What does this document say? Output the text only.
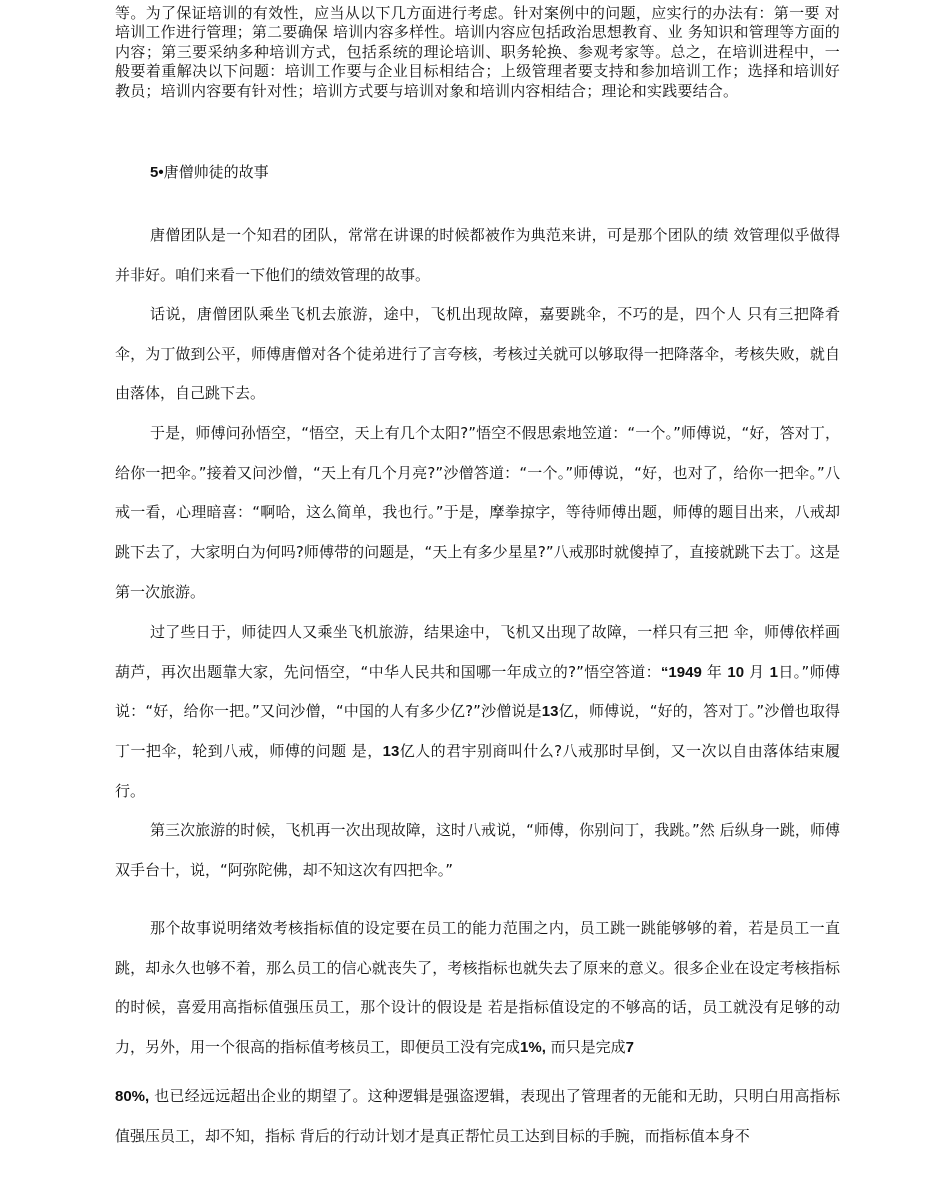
等。为了保证培训的有效性，应当从以下几方面进行考虑。针对案例中的问题，应实行的办法有：第一要 对培训工作进行管理；第二要确保 培训内容多样性。培训内容应包括政治思想教育、业 务知识和管理等方面的内容；第三要采纳多种培训方式，包括系统的理论培训、职务轮换、参观考家等。总之，在培训进程中，一般要着重解决以下问题：培训工作要与企业目标相结合；上级管理者要支持和参加培训工作；选择和培训好教员；培训内容要有针对性；培训方式要与培训对象和培训内容相结合；理论和实践要结合。
5•唐僧帅徒的故事
唐僧团队是一个知君的团队，常常在讲课的时候都被作为典范来讲，可是那个团队的绩 效管理似乎做得并非好。咱们来看一下他们的绩效管理的故事。
话说，唐僧团队乘坐飞机去旅游，途中，飞机出现故障，嘉要跳伞，不巧的是，四个人 只有三把降肴伞，为丁做到公平，师傅唐僧对各个徒弟进行了言夸核，考核过关就可以够取得一把降落伞，考核失败，就自由落体，自己跳下去。
于是，师傅问孙悟空，“悟空，天上有几个太阳?”悟空不假思索地笠道：“一个。”师傅说，“好，答对丁，给你一把伞。”接着又问沙僧，“天上有几个月亮?”沙僧答道：“一个。”师傅说，“好，也对了，给你一把伞。”八戒一看，心理暗喜：“啊哈，这么简单，我也行。”于是，摩拳掠字，等待师傅出题，师傅的题目出来，八戒却跳下去了，大家明白为何吗?师傅带的问题是，“天上有多少星星?”八戒那时就傻掉了，直接就跳下去丁。这是第一次旅游。
过了些日于，师徒四人又乘坐飞机旅游，结果途中，飞机又出现了故障，一样只有三把 伞，师傅依样画葫芦，再次出题靠大家，先问悟空，“中华人民共和国哪一年成立的?”悟空答道：“1949 年 10 月 1日。”师傅说：“好，给你一把。”又问沙僧，“中国的人有多少亿?”沙僧说是13亿，师傅说，“好的，答对丁。”沙僧也取得丁一把伞，轮到八戒，师傅的问题 是，13亿人的君宇别商叫什么?八戒那时早倒，又一次以自由落体结束履行。
第三次旅游的时候，飞机再一次出现故障，这时八戒说，“师傅，你别问丁，我跳。”然 后纵身一跳，师傅双手台十，说，“阿弥陀佛，却不知这次有四把伞。”
那个故事说明绪效考核指标值的设定要在员工的能力范围之内，员工跳一跳能够够的着，若是员工一直跳，却永久也够不着，那么员工的信心就丧失了，考核指标也就失去了原来的意义。很多企业在设定考核指标的时候，喜爱用高指标值强压员工，那个设计的假设是 若是指标值设定的不够高的话，员工就没有足够的动力，另外，用一个很高的指标值考核员工，即便员工没有完成1%, 而只是完成7
80%, 也已经远远超出企业的期望了。这种逻辑是强盗逻辑，表现出了管理者的无能和无助，只明白用高指标值强压员工，却不知，指标 背后的行动计划才是真正帮忙员工达到目标的手腕，而指标值本身不
